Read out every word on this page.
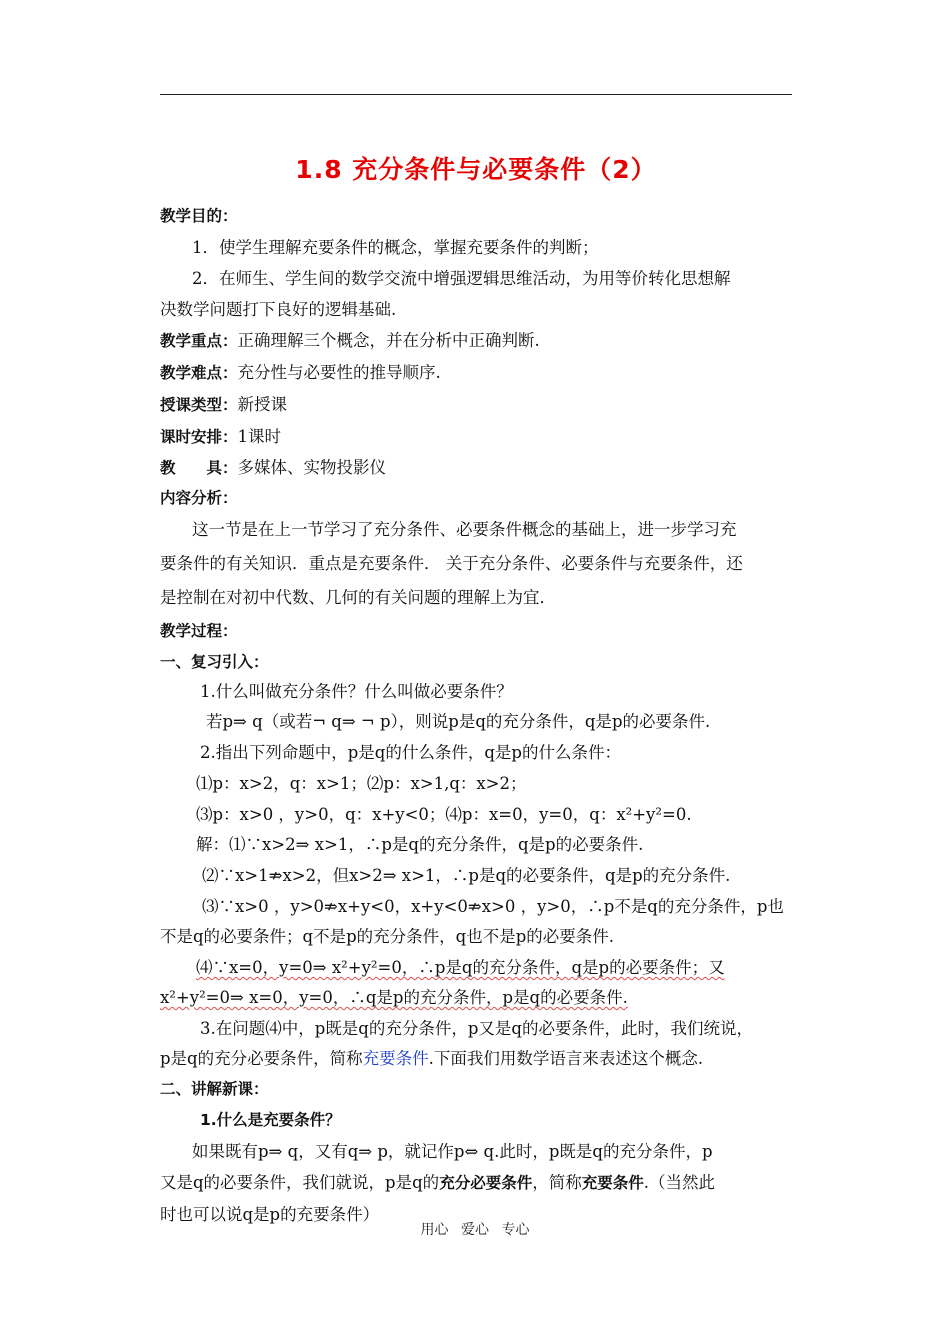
1.8 充分条件与必要条件（2）
教学目的：
1．使学生理解充要条件的概念，掌握充要条件的判断；
2．在师生、学生间的数学交流中增强逻辑思维活动，为用等价转化思想解
决数学问题打下良好的逻辑基础.
教学重点：正确理解三个概念，并在分析中正确判断.
教学难点：充分性与必要性的推导顺序.
授课类型：新授课
课时安排：1课时
教　　具：多媒体、实物投影仪
内容分析：
这一节是在上一节学习了充分条件、必要条件概念的基础上，进一步学习充
要条件的有关知识．重点是充要条件． 关于充分条件、必要条件与充要条件，还
是控制在对初中代数、几何的有关问题的理解上为宜．
教学过程：
一、复习引入：
1.什么叫做充分条件？什么叫做必要条件？
若p⇒ q（或若¬ q⇒ ¬ p），则说p是q的充分条件，q是p的必要条件.
2.指出下列命题中，p是q的什么条件，q是p的什么条件：
⑴p：x>2，q：x>1；⑵p：x>1,q：x>2；
⑶p：x>0 ，y>0，q：x+y<0；⑷p：x=0，y=0，q：x²+y²=0.
解：⑴∵x>2⇒ x>1，∴p是q的充分条件，q是p的必要条件.
⑵∵x>1⇏x>2，但x>2⇒ x>1，∴p是q的必要条件，q是p的充分条件.
⑶∵x>0 ，y>0⇏x+y<0，x+y<0⇏x>0 ，y>0，∴p不是q的充分条件，p也
不是q的必要条件；q不是p的充分条件，q也不是p的必要条件.
⑷∵x=0，y=0⇒ x²+y²=0，∴p是q的充分条件，q是p的必要条件；又
x²+y²=0⇒ x=0，y=0，∴q是p的充分条件，p是q的必要条件.
3.在问题⑷中，p既是q的充分条件，p又是q的必要条件，此时，我们统说，
p是q的充分必要条件，简称充要条件.下面我们用数学语言来表述这个概念.
二、讲解新课：
1.什么是充要条件？
如果既有p⇒ q，又有q⇒ p，就记作p⇔ q.此时，p既是q的充分条件，p
又是q的必要条件，我们就说，p是q的充分必要条件，简称充要条件.（当然此
时也可以说q是p的充要条件）
用心 爱心 专心
